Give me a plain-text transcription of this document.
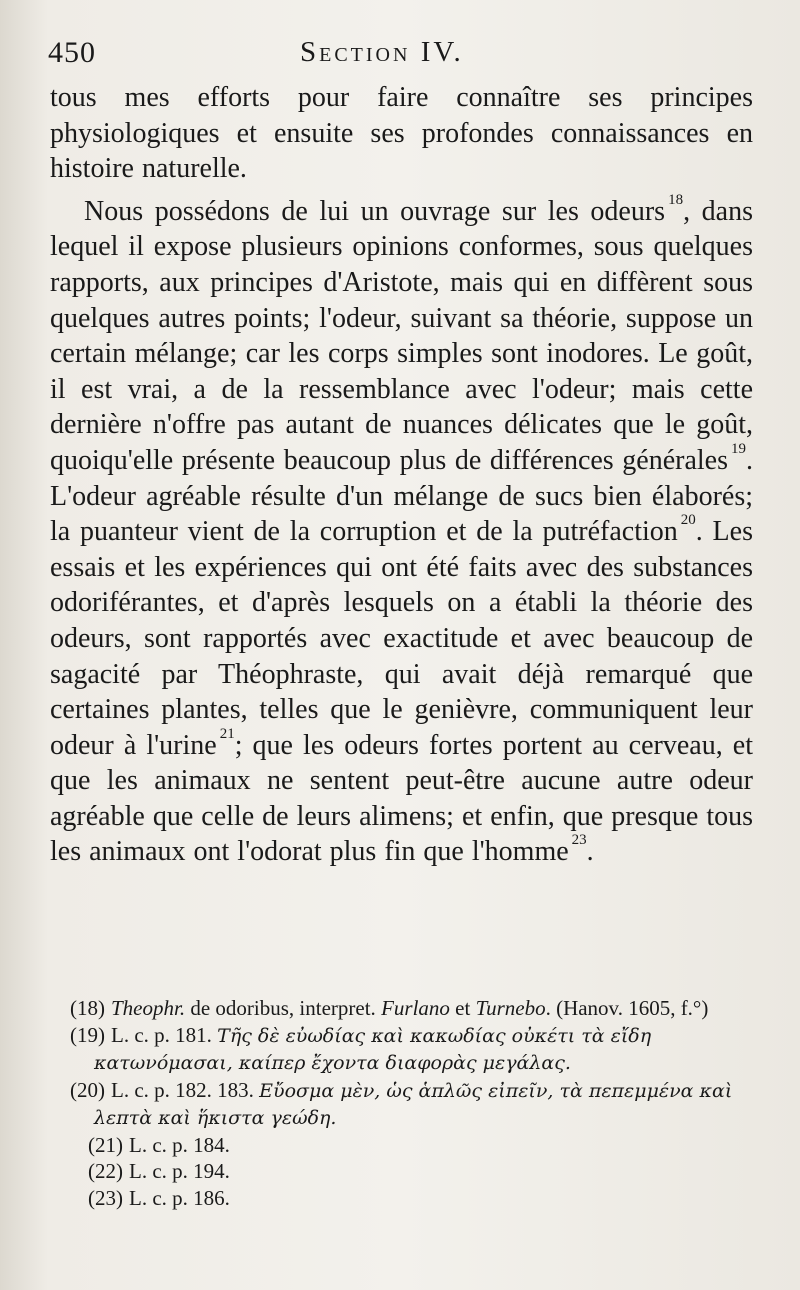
450	Section IV.

tous mes efforts pour faire connaître ses principes physiologiques et ensuite ses profondes connaissances en histoire naturelle.

Nous possédons de lui un ouvrage sur les odeurs $^{18}$, dans lequel il expose plusieurs opinions conformes, sous quelques rapports, aux principes d'Aristote, mais qui en diffèrent sous quelques autres points; l'odeur, suivant sa théorie, suppose un certain mélange; car les corps simples sont inodores. Le goût, il est vrai, a de la ressemblance avec l'odeur; mais cette dernière n'offre pas autant de nuances délicates que le goût, quoiqu'elle présente beaucoup plus de différences générales $^{19}$. L'odeur agréable résulte d'un mélange de sucs bien élaborés; la puanteur vient de la corruption et de la putréfaction $^{20}$. Les essais et les expériences qui ont été faits avec des substances odoriférantes, et d'après lesquels on a établi la théorie des odeurs, sont rapportés avec exactitude et avec beaucoup de sagacité par Théophraste, qui avait déjà remarqué que certaines plantes, telles que le genièvre, communiquent leur odeur à l'urine $^{21}$; que les odeurs fortes portent au cerveau, et que les animaux ne sentent peut-être aucune autre odeur agréable que celle de leurs alimens; et enfin, que presque tous les animaux ont l'odorat plus fin que l'homme $^{23}$.

(18) Theophr. de odoribus, interpret. Furlano et Turnebo. (Hanov. 1605, f.°)

(19) L. c. p. 181. Τῆς δὲ εὐωδίας καὶ κακωδίας οὐκέτι τὰ εἴδη κατωνόμασαι, καίπερ ἔχοντα διαφορὰς μεγάλας.

(20) L. c. p. 182. 183. Εὔοσμα μὲν, ὡς ἁπλῶς εἰπεῖν, τὰ πεπεμμένα καὶ λεπτὰ καὶ ἥκιστα γεώδη.

(21) L. c. p. 184.

(22) L. c. p. 194.

(23) L. c. p. 186.
